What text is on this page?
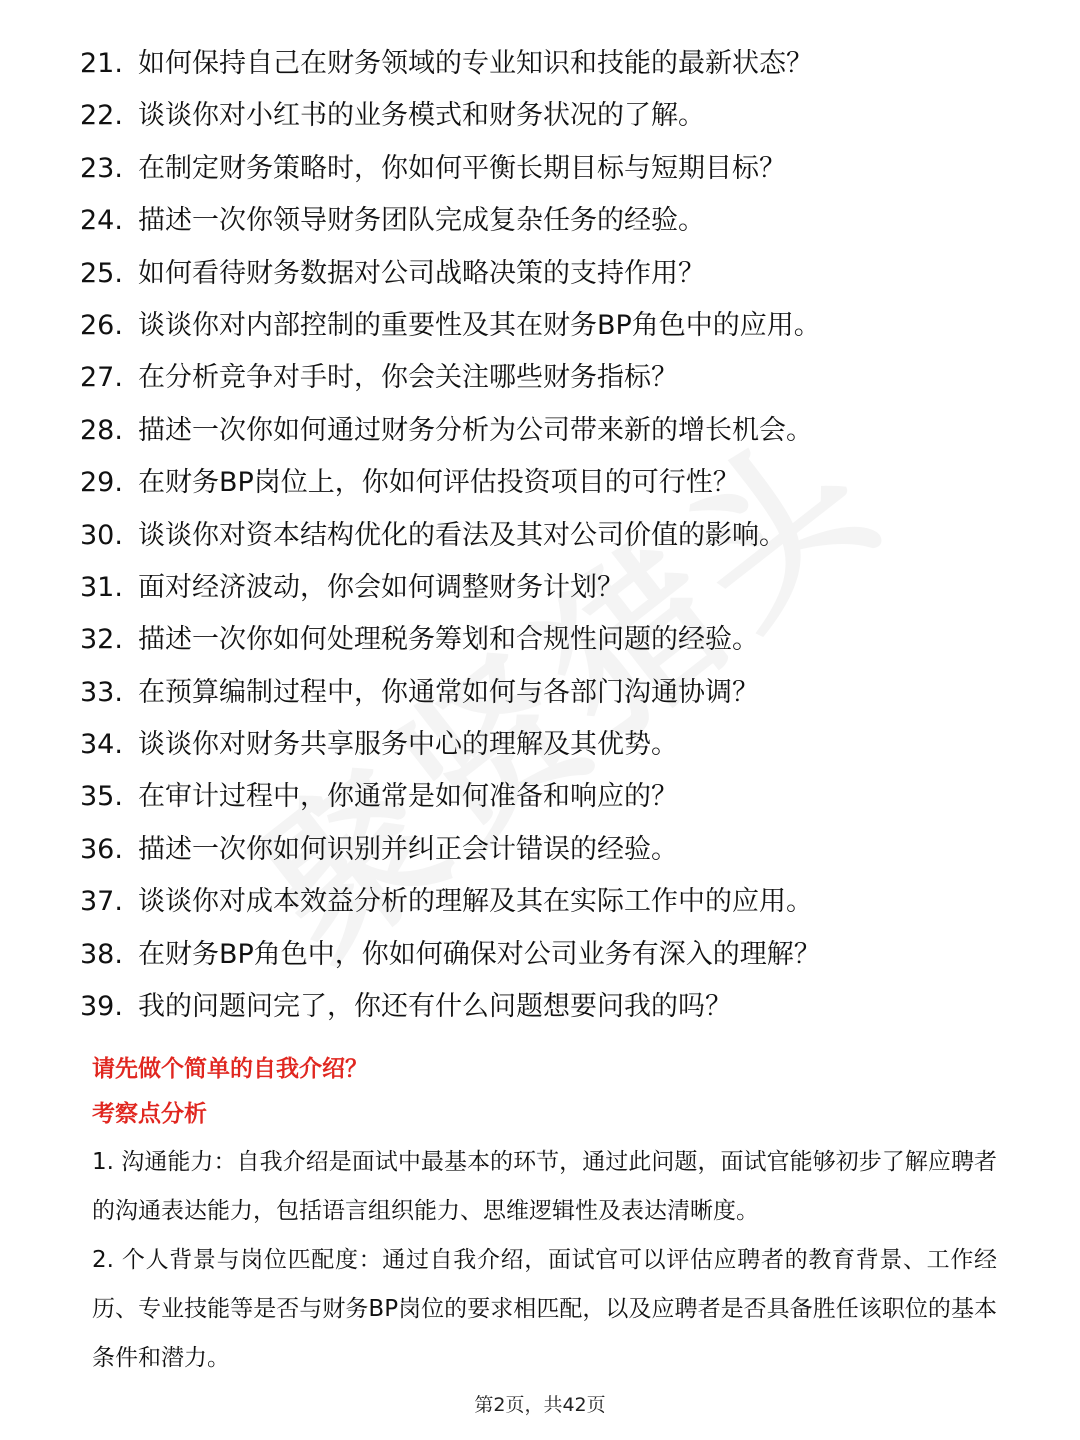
21. 如何保持自己在财务领域的专业知识和技能的最新状态？
22. 谈谈你对小红书的业务模式和财务状况的了解。
23. 在制定财务策略时，你如何平衡长期目标与短期目标？
24. 描述一次你领导财务团队完成复杂任务的经验。
25. 如何看待财务数据对公司战略决策的支持作用？
26. 谈谈你对内部控制的重要性及其在财务BP角色中的应用。
27. 在分析竞争对手时，你会关注哪些财务指标？
28. 描述一次你如何通过财务分析为公司带来新的增长机会。
29. 在财务BP岗位上，你如何评估投资项目的可行性？
30. 谈谈你对资本结构优化的看法及其对公司价值的影响。
31. 面对经济波动，你会如何调整财务计划？
32. 描述一次你如何处理税务筹划和合规性问题的经验。
33. 在预算编制过程中，你通常如何与各部门沟通协调？
34. 谈谈你对财务共享服务中心的理解及其优势。
35. 在审计过程中，你通常是如何准备和响应的？
36. 描述一次你如何识别并纠正会计错误的经验。
37. 谈谈你对成本效益分析的理解及其在实际工作中的应用。
38. 在财务BP角色中，你如何确保对公司业务有深入的理解？
39. 我的问题问完了，你还有什么问题想要问我的吗？

请先做个简单的自我介绍？

考察点分析

1. 沟通能力：自我介绍是面试中最基本的环节，通过此问题，面试官能够初步了解应聘者的沟通表达能力，包括语言组织能力、思维逻辑性及表达清晰度。

2. 个人背景与岗位匹配度：通过自我介绍，面试官可以评估应聘者的教育背景、工作经历、专业技能等是否与财务BP岗位的要求相匹配，以及应聘者是否具备胜任该职位的基本条件和潜力。

第2页，共42页
